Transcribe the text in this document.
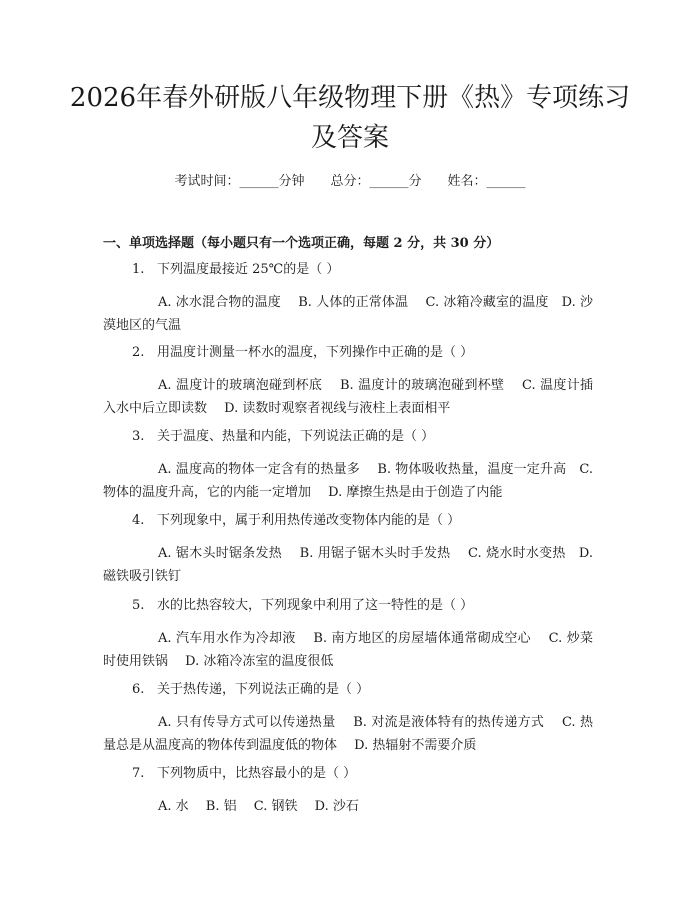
2026年春外研版八年级物理下册《热》专项练习及答案
考试时间：______分钟 总分：______分 姓名：______
一、单项选择题（每小题只有一个选项正确，每题 2 分，共 30 分）
1. 下列温度最接近 25℃的是（ ）
A. 冰水混合物的温度　 B. 人体的正常体温　 C. 冰箱冷藏室的温度　D. 沙漠地区的气温
2. 用温度计测量一杯水的温度，下列操作中正确的是（ ）
A. 温度计的玻璃泡碰到杯底　 B. 温度计的玻璃泡碰到杯壁　 C. 温度计插入水中后立即读数　 D. 读数时观察者视线与液柱上表面相平
3. 关于温度、热量和内能，下列说法正确的是（ ）
A. 温度高的物体一定含有的热量多　 B. 物体吸收热量，温度一定升高　C. 物体的温度升高，它的内能一定增加　 D. 摩擦生热是由于创造了内能
4. 下列现象中，属于利用热传递改变物体内能的是（ ）
A. 锯木头时锯条发热　 B. 用锯子锯木头时手发热　 C. 烧水时水变热　D. 磁铁吸引铁钉
5. 水的比热容较大，下列现象中利用了这一特性的是（ ）
A. 汽车用水作为冷却液　 B. 南方地区的房屋墙体通常砌成空心　 C. 炒菜时使用铁锅　 D. 冰箱冷冻室的温度很低
6. 关于热传递，下列说法正确的是（ ）
A. 只有传导方式可以传递热量　 B. 对流是液体特有的热传递方式　 C. 热量总是从温度高的物体传到温度低的物体　 D. 热辐射不需要介质
7. 下列物质中，比热容最小的是（ ）
A. 水　 B. 铝　 C. 钢铁　 D. 沙石
